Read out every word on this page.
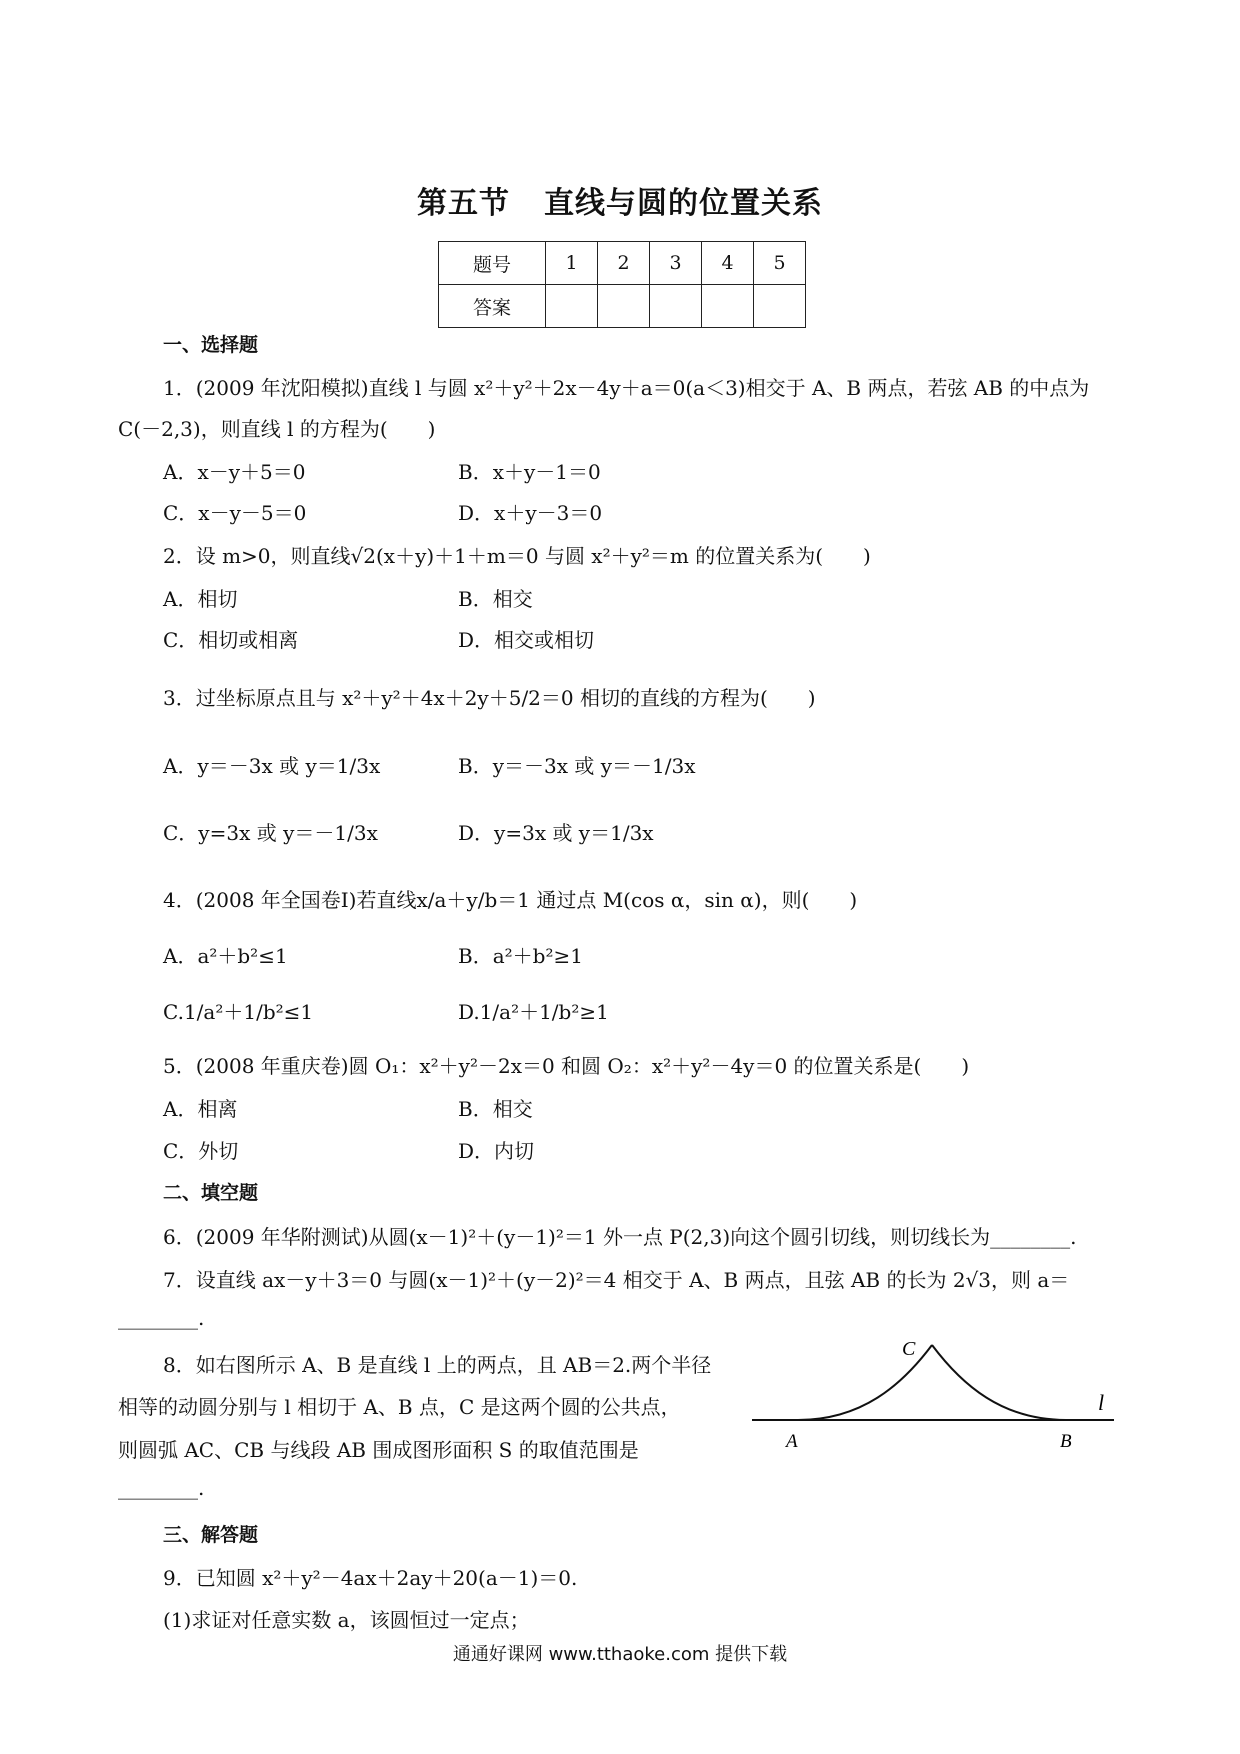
第五节 直线与圆的位置关系
题号	1	2	3	4	5
答案					
一、选择题
1．(2009 年沈阳模拟)直线 l 与圆 x²＋y²＋2x－4y＋a＝0(a＜3)相交于 A、B 两点，若弦 AB 的中点为
C(－2,3)，则直线 l 的方程为(　　)
A．x－y＋5＝0	B．x＋y－1＝0
C．x－y－5＝0	D．x＋y－3＝0
2．设 m>0，则直线√2(x＋y)＋1＋m＝0 与圆 x²＋y²＝m 的位置关系为(　　)
A．相切	B．相交
C．相切或相离	D．相交或相切
3．过坐标原点且与 x²＋y²＋4x＋2y＋5/2＝0 相切的直线的方程为(　　)
A．y＝－3x 或 y＝1/3x	B．y＝－3x 或 y＝－1/3x
C．y=3x 或 y＝－1/3x	D．y=3x 或 y＝1/3x
4．(2008 年全国卷Ⅰ)若直线x/a＋y/b＝1 通过点 M(cos α，sin α)，则(　　)
A．a²＋b²≤1	B．a²＋b²≥1
C.1/a²＋1/b²≤1	D.1/a²＋1/b²≥1
5．(2008 年重庆卷)圆 O₁：x²＋y²－2x＝0 和圆 O₂：x²＋y²－4y＝0 的位置关系是(　　)
A．相离	B．相交
C．外切	D．内切
二、填空题
6．(2009 年华附测试)从圆(x－1)²＋(y－1)²＝1 外一点 P(2,3)向这个圆引切线，则切线长为________.
7．设直线 ax－y＋3＝0 与圆(x－1)²＋(y－2)²＝4 相交于 A、B 两点，且弦 AB 的长为 2√3，则 a＝
________.
8．如右图所示 A、B 是直线 l 上的两点，且 AB＝2.两个半径
相等的动圆分别与 l 相切于 A、B 点，C 是这两个圆的公共点，
则圆弧 AC、CB 与线段 AB 围成图形面积 S 的取值范围是
________.
C
l
A	B
三、解答题
9．已知圆 x²＋y²－4ax＋2ay＋20(a－1)＝0.
(1)求证对任意实数 a，该圆恒过一定点；
通通好课网 www.tthaoke.com 提供下载
